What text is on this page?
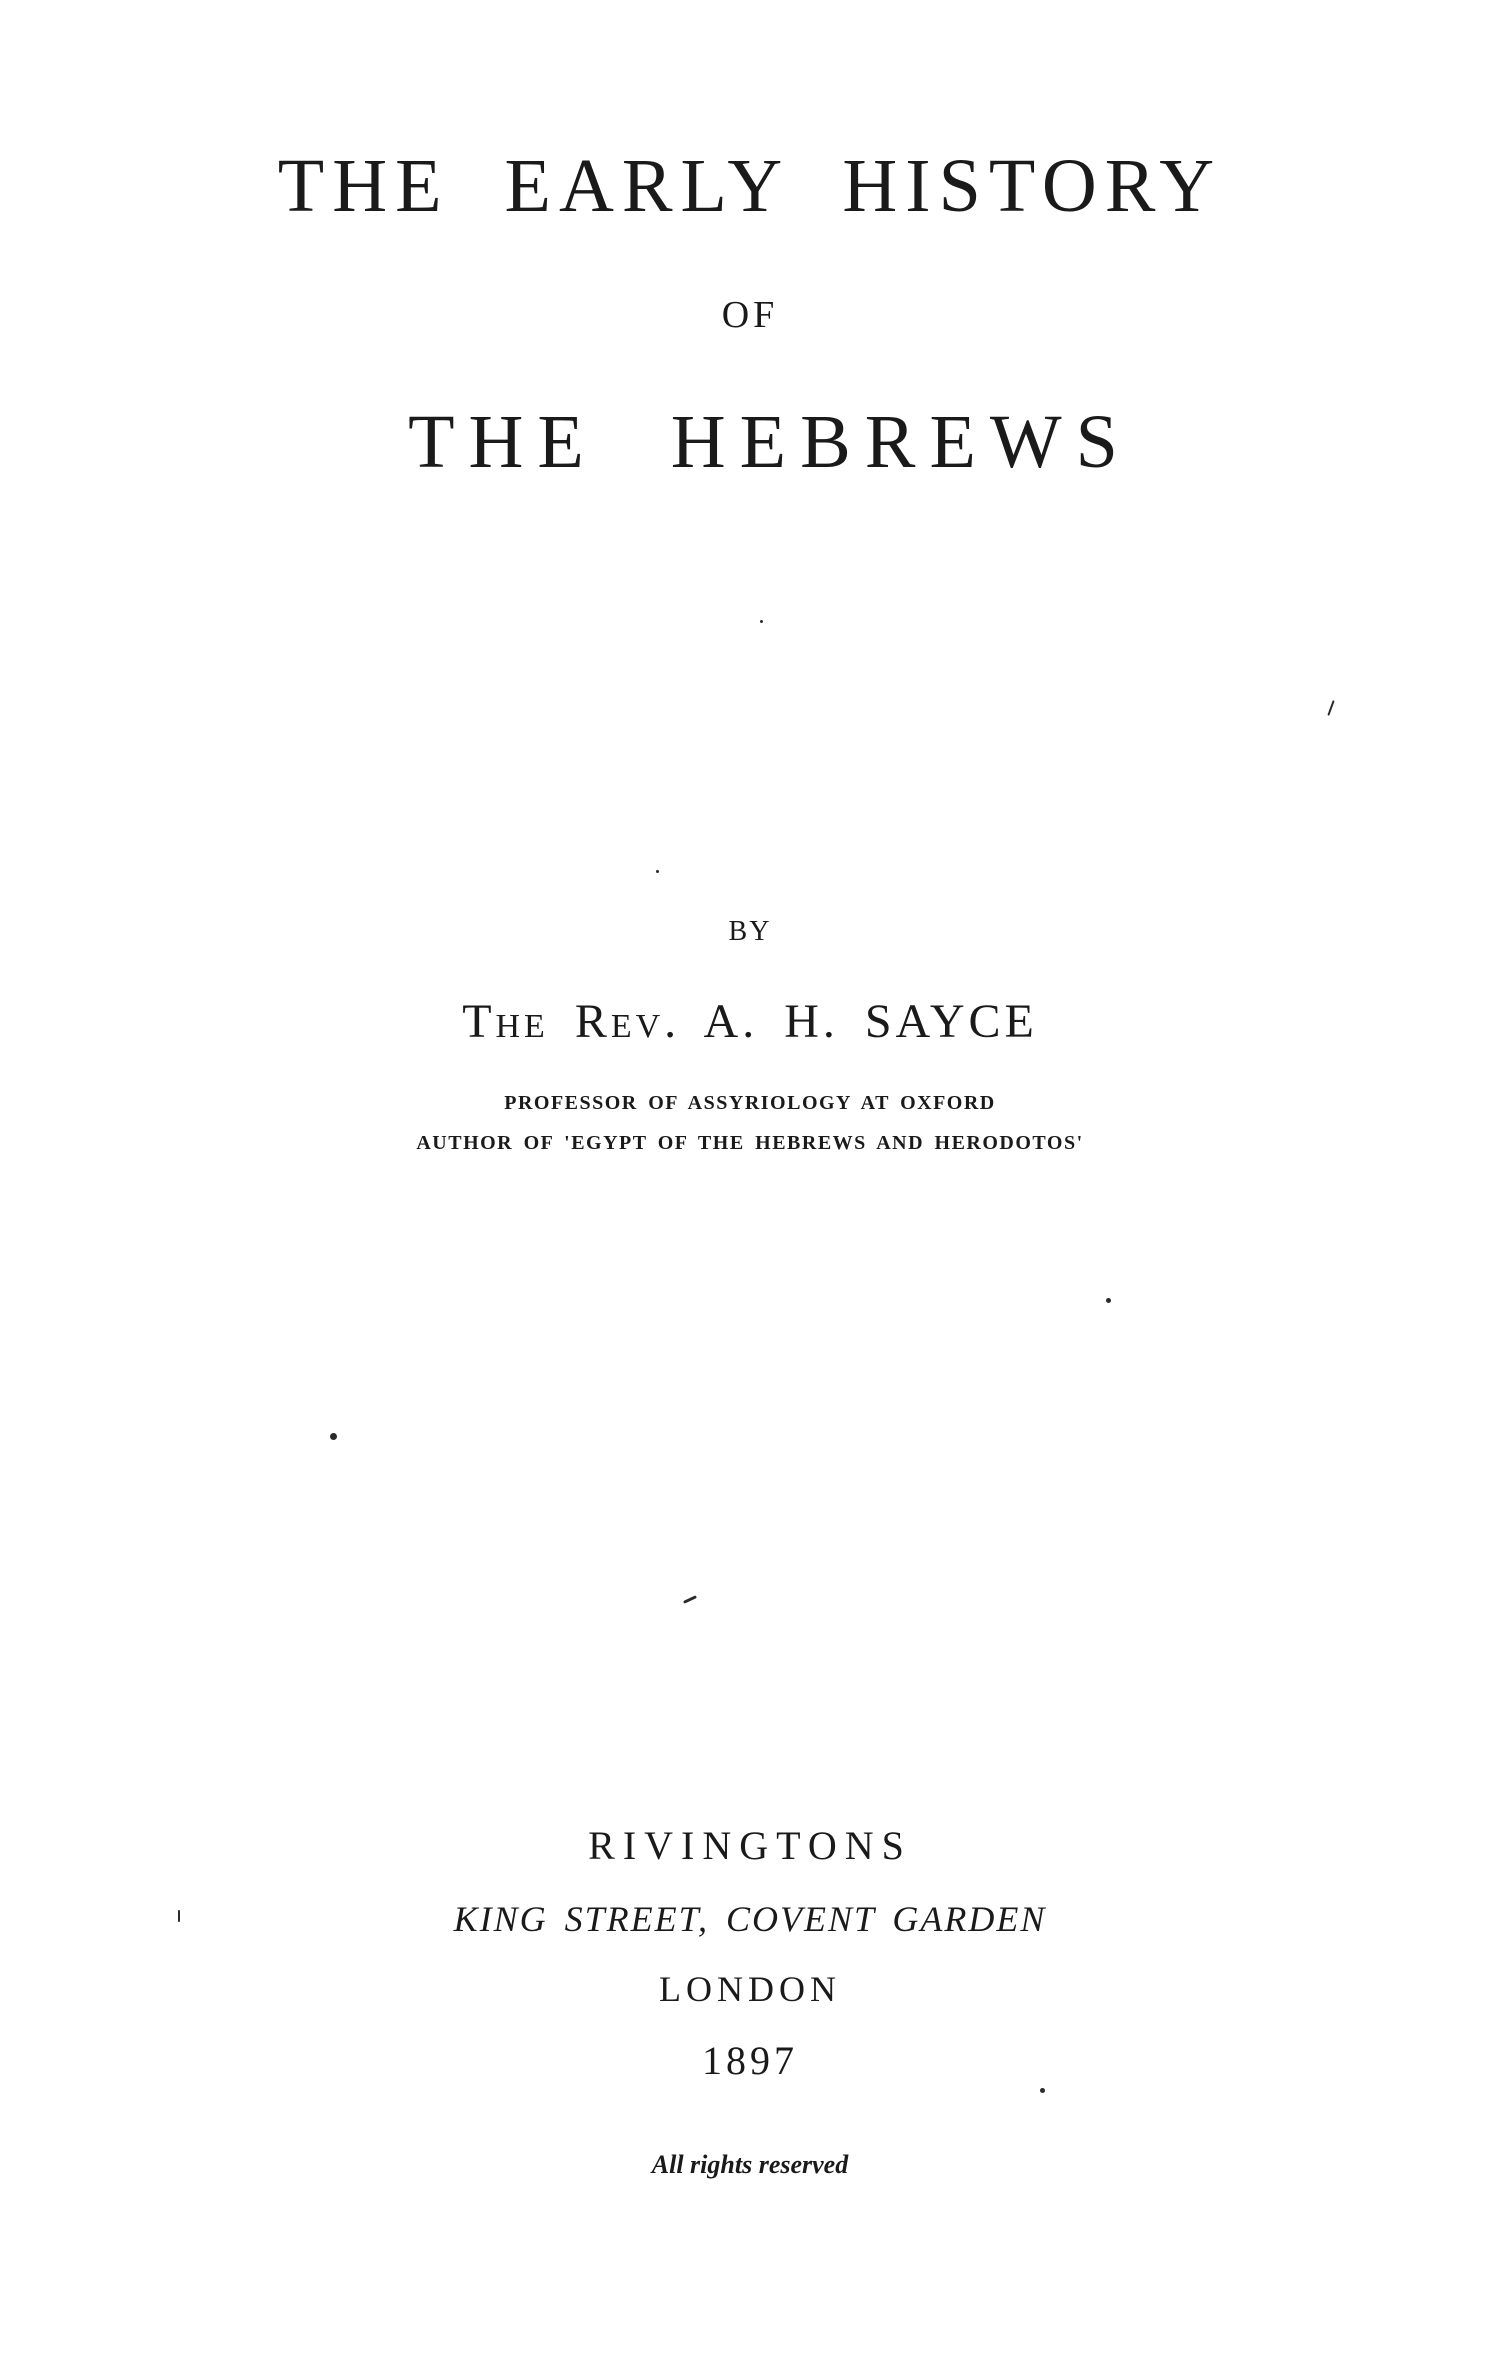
THE EARLY HISTORY
OF
THE HEBREWS
BY
The Rev. A. H. SAYCE
PROFESSOR OF ASSYRIOLOGY AT OXFORD
AUTHOR OF 'EGYPT OF THE HEBREWS AND HERODOTOS'
RIVINGTONS
KING STREET, COVENT GARDEN
LONDON
1897
All rights reserved
